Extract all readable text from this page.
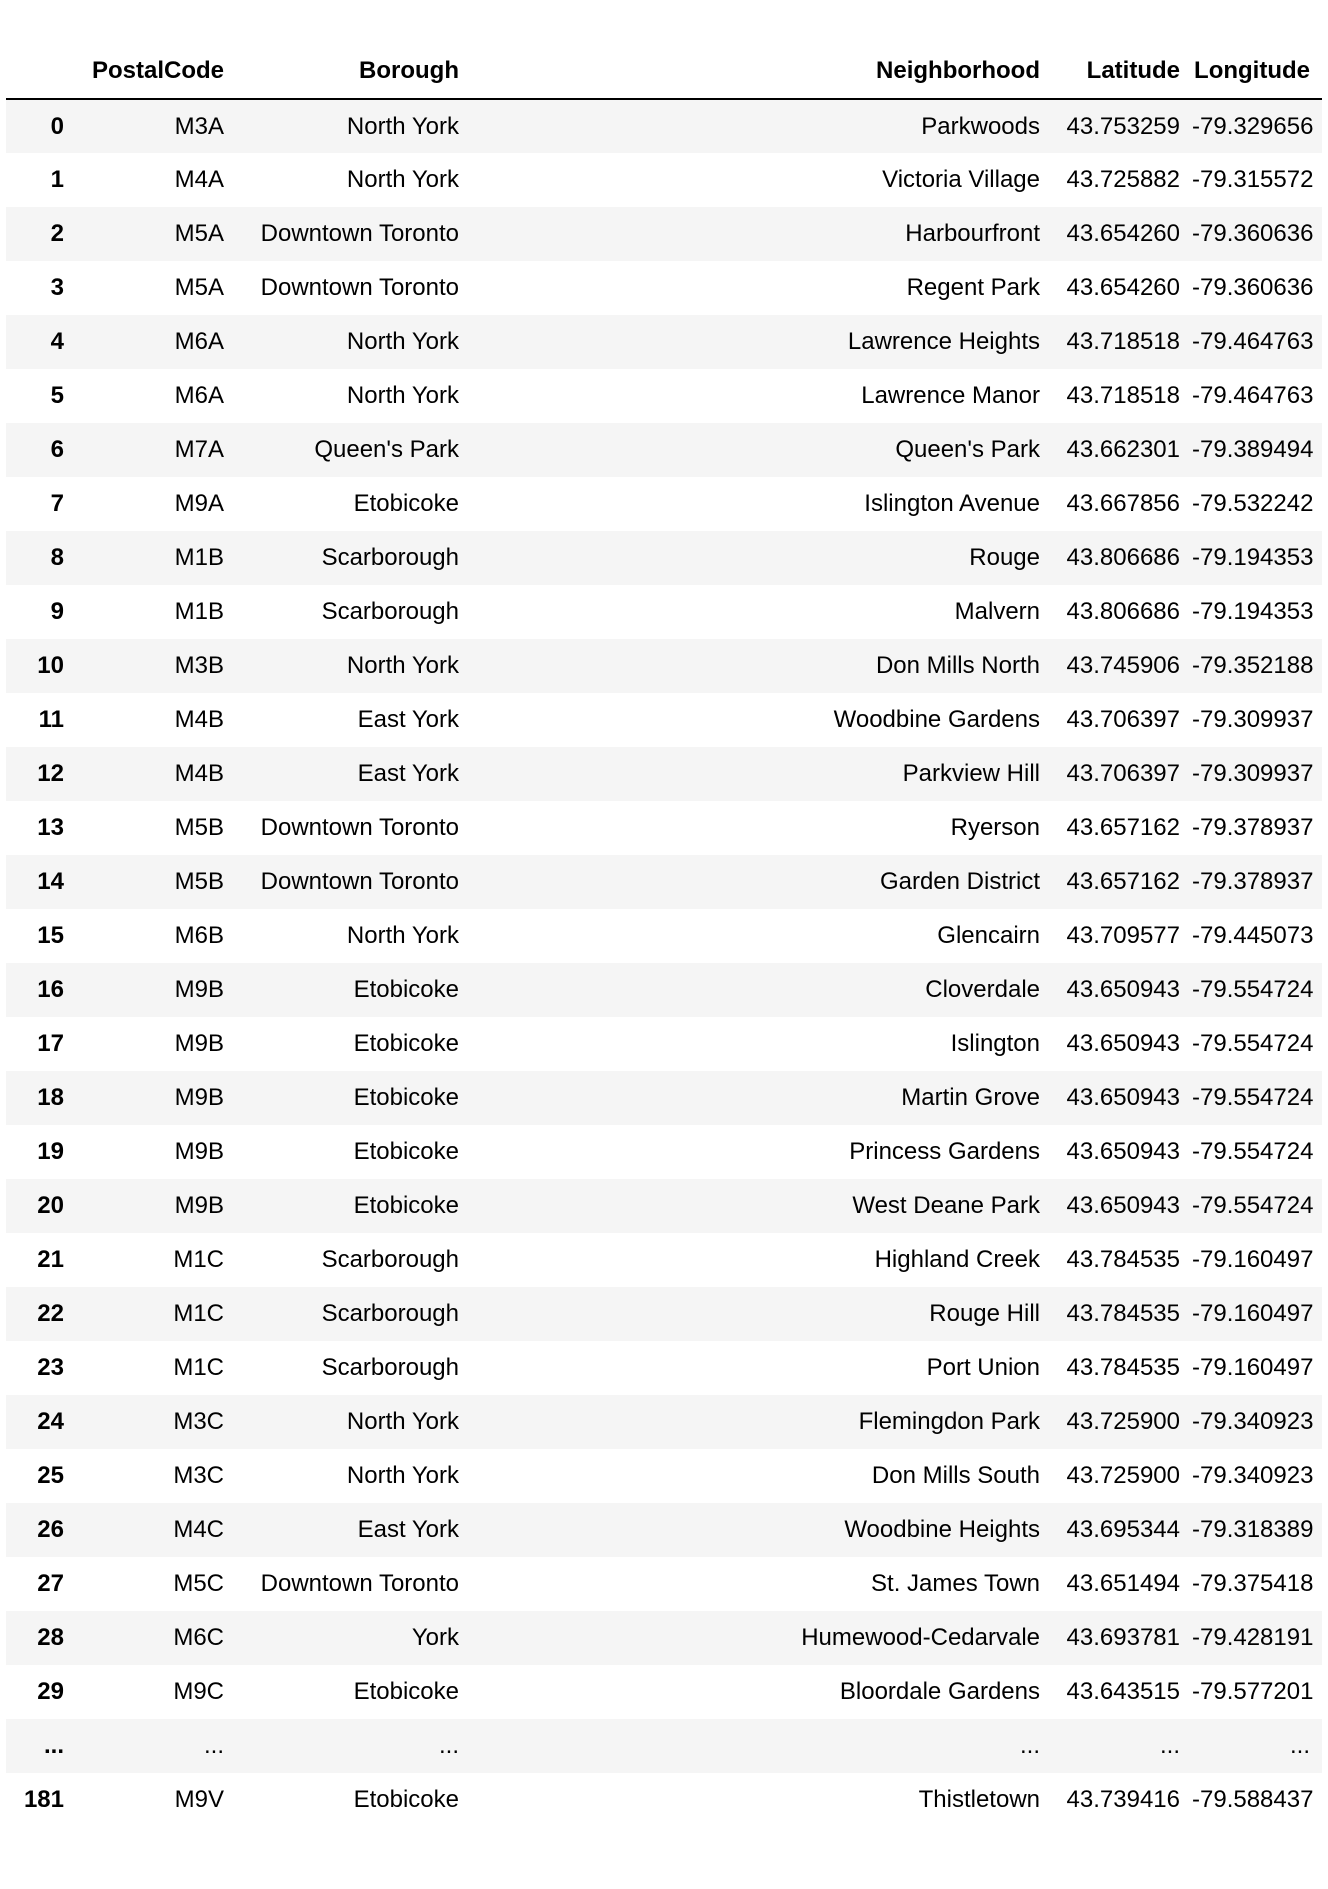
	PostalCode	Borough	Neighborhood	Latitude	Longitude
0	M3A	North York	Parkwoods	43.753259	-79.329656
1	M4A	North York	Victoria Village	43.725882	-79.315572
2	M5A	Downtown Toronto	Harbourfront	43.654260	-79.360636
3	M5A	Downtown Toronto	Regent Park	43.654260	-79.360636
4	M6A	North York	Lawrence Heights	43.718518	-79.464763
5	M6A	North York	Lawrence Manor	43.718518	-79.464763
6	M7A	Queen's Park	Queen's Park	43.662301	-79.389494
7	M9A	Etobicoke	Islington Avenue	43.667856	-79.532242
8	M1B	Scarborough	Rouge	43.806686	-79.194353
9	M1B	Scarborough	Malvern	43.806686	-79.194353
10	M3B	North York	Don Mills North	43.745906	-79.352188
11	M4B	East York	Woodbine Gardens	43.706397	-79.309937
12	M4B	East York	Parkview Hill	43.706397	-79.309937
13	M5B	Downtown Toronto	Ryerson	43.657162	-79.378937
14	M5B	Downtown Toronto	Garden District	43.657162	-79.378937
15	M6B	North York	Glencairn	43.709577	-79.445073
16	M9B	Etobicoke	Cloverdale	43.650943	-79.554724
17	M9B	Etobicoke	Islington	43.650943	-79.554724
18	M9B	Etobicoke	Martin Grove	43.650943	-79.554724
19	M9B	Etobicoke	Princess Gardens	43.650943	-79.554724
20	M9B	Etobicoke	West Deane Park	43.650943	-79.554724
21	M1C	Scarborough	Highland Creek	43.784535	-79.160497
22	M1C	Scarborough	Rouge Hill	43.784535	-79.160497
23	M1C	Scarborough	Port Union	43.784535	-79.160497
24	M3C	North York	Flemingdon Park	43.725900	-79.340923
25	M3C	North York	Don Mills South	43.725900	-79.340923
26	M4C	East York	Woodbine Heights	43.695344	-79.318389
27	M5C	Downtown Toronto	St. James Town	43.651494	-79.375418
28	M6C	York	Humewood-Cedarvale	43.693781	-79.428191
29	M9C	Etobicoke	Bloordale Gardens	43.643515	-79.577201
...	...	...	...	...	...
181	M9V	Etobicoke	Thistletown	43.739416	-79.588437
